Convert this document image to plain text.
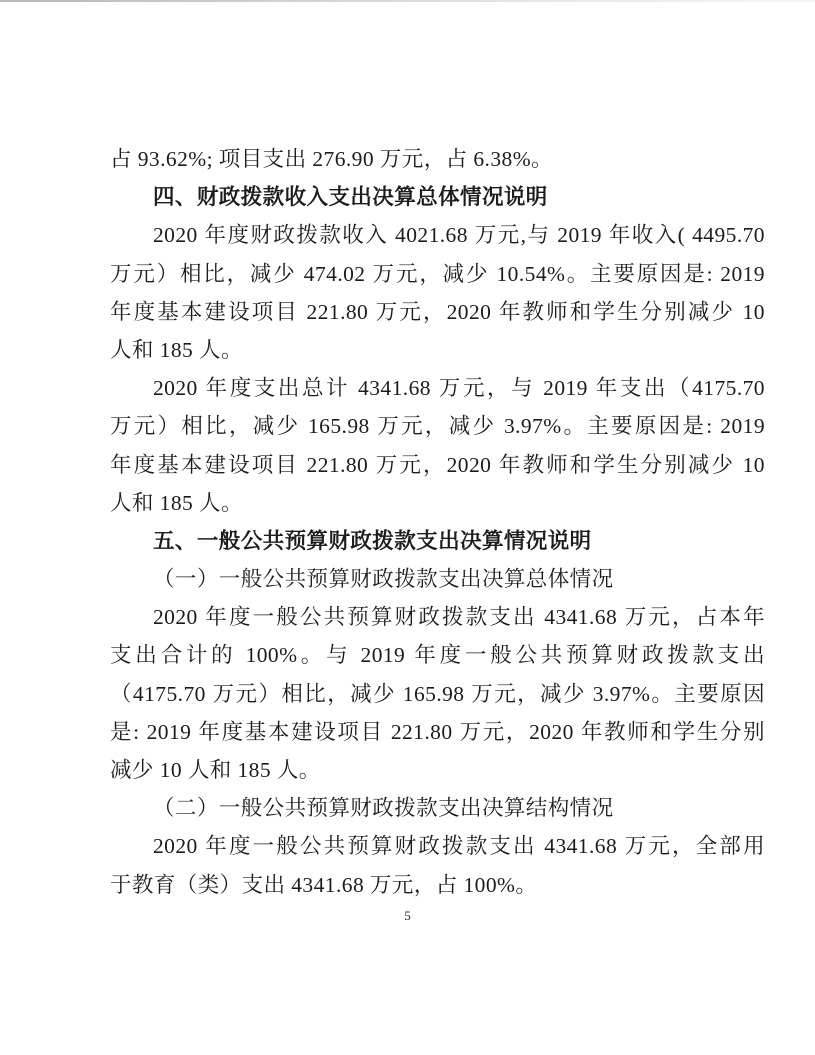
占 93.62%; 项目支出 276.90 万元，占 6.38%。
四、财政拨款收入支出决算总体情况说明
2020 年度财政拨款收入 4021.68 万元,与 2019 年收入( 4495.70
万元）相比，减少 474.02 万元，减少 10.54%。主要原因是: 2019
年度基本建设项目 221.80 万元，2020 年教师和学生分别减少 10
人和 185 人。
2020 年度支出总计 4341.68 万元，与 2019 年支出（4175.70
万元）相比，减少 165.98 万元，减少 3.97%。主要原因是: 2019
年度基本建设项目 221.80 万元，2020 年教师和学生分别减少 10
人和 185 人。
五、一般公共预算财政拨款支出决算情况说明
（一）一般公共预算财政拨款支出决算总体情况
2020 年度一般公共预算财政拨款支出 4341.68 万元，占本年
支出合计的 100%。与 2019 年度一般公共预算财政拨款支出
（4175.70 万元）相比，减少 165.98 万元，减少 3.97%。主要原因
是: 2019 年度基本建设项目 221.80 万元，2020 年教师和学生分别
减少 10 人和 185 人。
（二）一般公共预算财政拨款支出决算结构情况
2020 年度一般公共预算财政拨款支出 4341.68 万元，全部用
于教育（类）支出 4341.68 万元，占 100%。
5
